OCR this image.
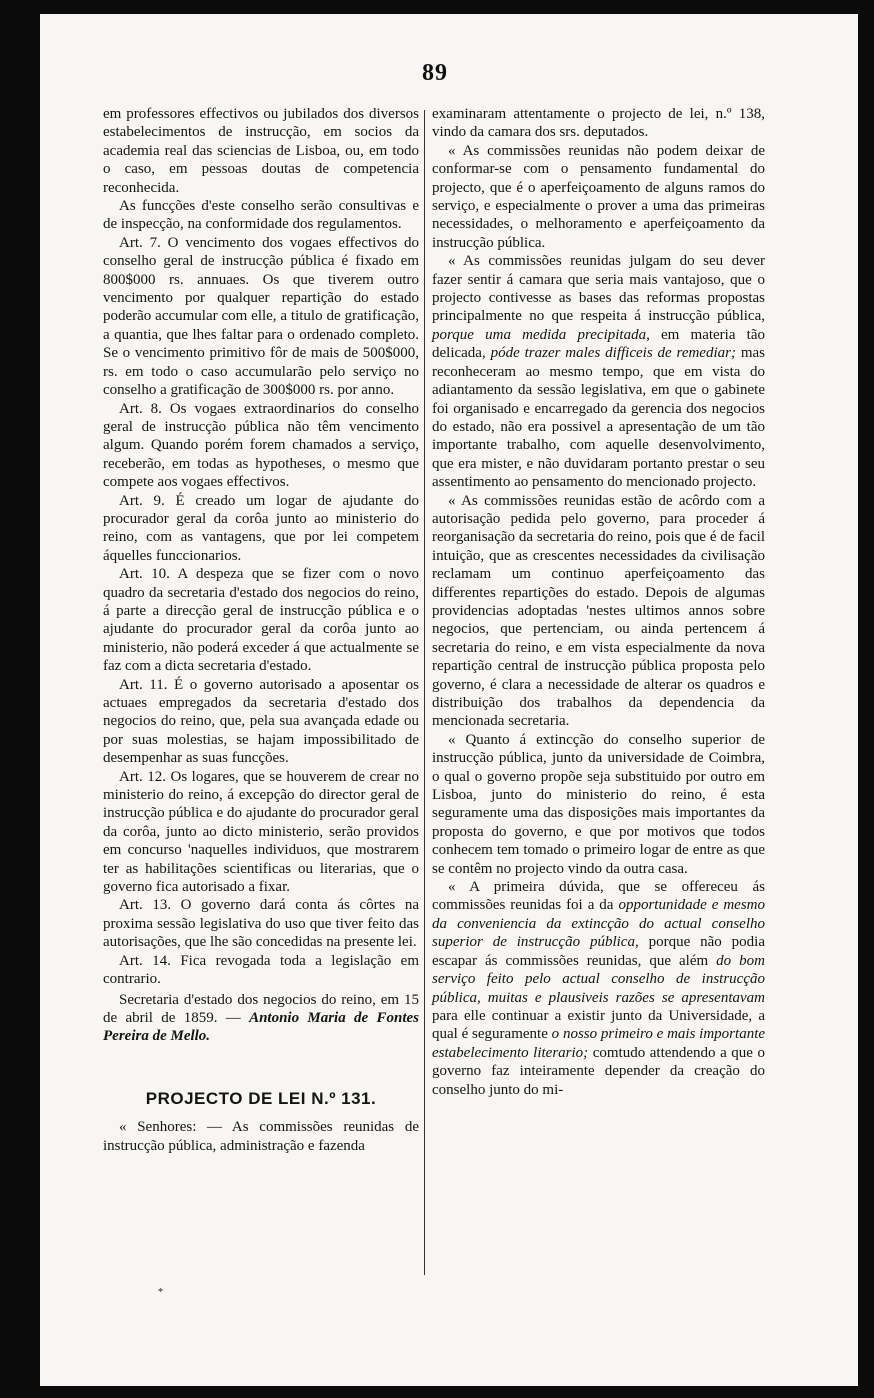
89

em professores effectivos ou jubilados dos diversos estabelecimentos de instrucção, em socios da academia real das sciencias de Lisboa, ou, em todo o caso, em pessoas doutas de competencia reconhecida.

As funcções d'este conselho serão consultivas e de inspecção, na conformidade dos regulamentos.

Art. 7. O vencimento dos vogaes effectivos do conselho geral de instrucção pública é fixado em 800$000 rs. annuaes. Os que tiverem outro vencimento por qualquer repartição do estado poderão accumular com elle, a titulo de gratificação, a quantia, que lhes faltar para o ordenado completo. Se o vencimento primitivo fôr de mais de 500$000, rs. em todo o caso accumularão pelo serviço no conselho a gratificação de 300$000 rs. por anno.

Art. 8. Os vogaes extraordinarios do conselho geral de instrucção pública não têm vencimento algum. Quando porém forem chamados a serviço, receberão, em todas as hypotheses, o mesmo que compete aos vogaes effectivos.

Art. 9. É creado um logar de ajudante do procurador geral da corôa junto ao ministerio do reino, com as vantagens, que por lei competem áquelles funccionarios.

Art. 10. A despeza que se fizer com o novo quadro da secretaria d'estado dos negocios do reino, á parte a direcção geral de instrucção pública e o ajudante do procurador geral da corôa junto ao ministerio, não poderá exceder á que actualmente se faz com a dicta secretaria d'estado.

Art. 11. É o governo autorisado a aposentar os actuaes empregados da secretaria d'estado dos negocios do reino, que, pela sua avançada edade ou por suas molestias, se hajam impossibilitado de desempenhar as suas funcções.

Art. 12. Os logares, que se houverem de crear no ministerio do reino, á excepção do director geral de instrucção pública e do ajudante do procurador geral da corôa, junto ao dicto ministerio, serão providos em concurso 'naquelles individuos, que mostrarem ter as habilitações scientificas ou literarias, que o governo fica autorisado a fixar.

Art. 13. O governo dará conta ás côrtes na proxima sessão legislativa do uso que tiver feito das autorisações, que lhe são concedidas na presente lei.

Art. 14. Fica revogada toda a legislação em contrario.

Secretaria d'estado dos negocios do reino, em 15 de abril de 1859. — Antonio Maria de Fontes Pereira de Mello.

PROJECTO DE LEI N.º 131.

« Senhores: — As commissões reunidas de instrucção pública, administração e fazenda

examinaram attentamente o projecto de lei, n.º 138, vindo da camara dos srs. deputados.

« As commissões reunidas não podem deixar de conformar-se com o pensamento fundamental do projecto, que é o aperfeiçoamento de alguns ramos do serviço, e especialmente o prover a uma das primeiras necessidades, o melhoramento e aperfeiçoamento da instrucção pública.

« As commissões reunidas julgam do seu dever fazer sentir á camara que seria mais vantajoso, que o projecto contivesse as bases das reformas propostas principalmente no que respeita á instrucção pública, porque uma medida precipitada, em materia tão delicada, póde trazer males difficeis de remediar; mas reconheceram ao mesmo tempo, que em vista do adiantamento da sessão legislativa, em que o gabinete foi organisado e encarregado da gerencia dos negocios do estado, não era possivel a apresentação de um tão importante trabalho, com aquelle desenvolvimento, que era mister, e não duvidaram portanto prestar o seu assentimento ao pensamento do mencionado projecto.

« As commissões reunidas estão de acôrdo com a autorisação pedida pelo governo, para proceder á reorganisação da secretaria do reino, pois que é de facil intuição, que as crescentes necessidades da civilisação reclamam um continuo aperfeiçoamento das differentes repartições do estado. Depois de algumas providencias adoptadas 'nestes ultimos annos sobre negocios, que pertenciam, ou ainda pertencem á secretaria do reino, e em vista especialmente da nova repartição central de instrucção pública proposta pelo governo, é clara a necessidade de alterar os quadros e distribuição dos trabalhos da dependencia da mencionada secretaria.

« Quanto á extincção do conselho superior de instrucção pública, junto da universidade de Coimbra, o qual o governo propõe seja substituido por outro em Lisboa, junto do ministerio do reino, é esta seguramente uma das disposições mais importantes da proposta do governo, e que por motivos que todos conhecem tem tomado o primeiro logar de entre as que se contêm no projecto vindo da outra casa.

« A primeira dúvida, que se offereceu ás commissões reunidas foi a da opportunidade e mesmo da conveniencia da extincção do actual conselho superior de instrucção pública, porque não podia escapar ás commissões reunidas, que além do bom serviço feito pelo actual conselho de instrucção pública, muitas e plausiveis razões se apresentavam para elle continuar a existir junto da Universidade, a qual é seguramente o nosso primeiro e mais importante estabelecimento literario; comtudo attendendo a que o governo faz inteiramente depender da creação do conselho junto do mi-

*
